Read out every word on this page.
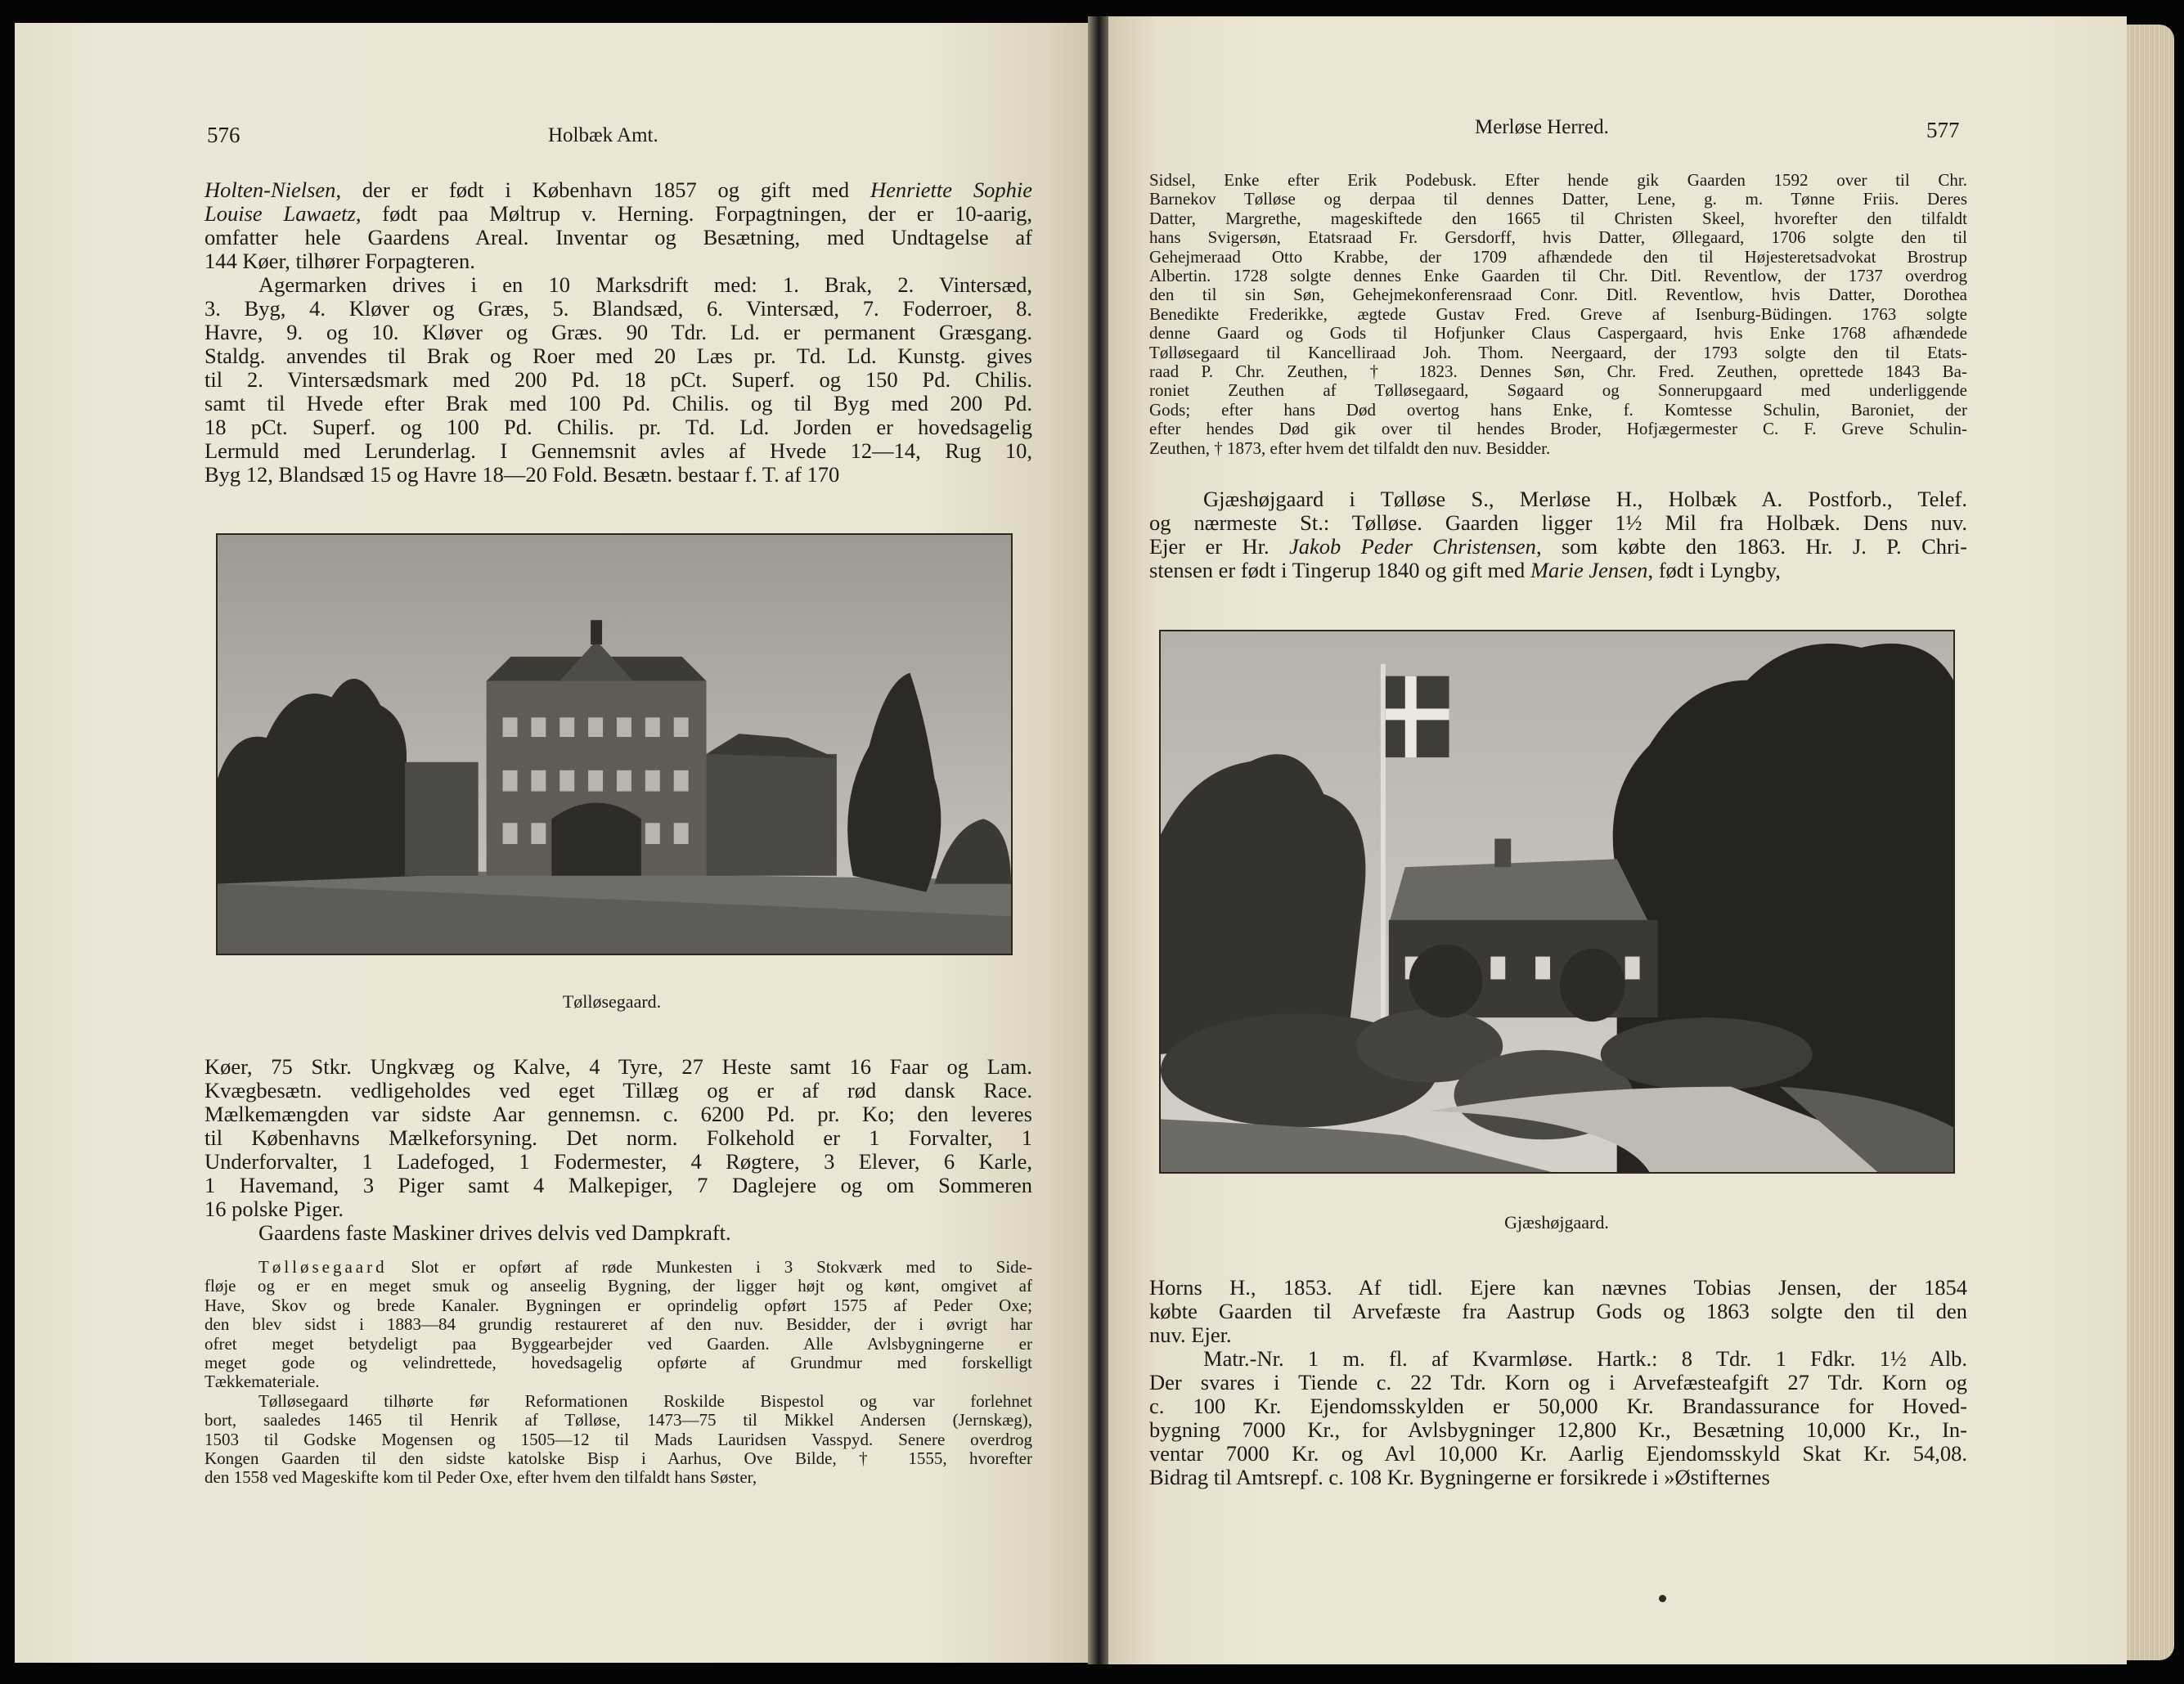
576	Holbæk Amt.
Holten-Nielsen, der er født i København 1857 og gift med Henriette Sophie
Louise Lawaetz, født paa Møltrup v. Herning. Forpagtningen, der er 10-aarig,
omfatter hele Gaardens Areal. Inventar og Besætning, med Undtagelse af
144 Køer, tilhører Forpagteren.
Agermarken drives i en 10 Marksdrift med: 1. Brak, 2. Vintersæd,
3. Byg, 4. Kløver og Græs, 5. Blandsæd, 6. Vintersæd, 7. Foderroer, 8.
Havre, 9. og 10. Kløver og Græs. 90 Tdr. Ld. er permanent Græsgang.
Staldg. anvendes til Brak og Roer med 20 Læs pr. Td. Ld. Kunstg. gives
til 2. Vintersædsmark med 200 Pd. 18 pCt. Superf. og 150 Pd. Chilis.
samt til Hvede efter Brak med 100 Pd. Chilis. og til Byg med 200 Pd.
18 pCt. Superf. og 100 Pd. Chilis. pr. Td. Ld. Jorden er hovedsagelig
Lermuld med Lerunderlag. I Gennemsnit avles af Hvede 12—14, Rug 10,
Byg 12, Blandsæd 15 og Havre 18—20 Fold. Besætn. bestaar f. T. af 170
Tølløsegaard.
Køer, 75 Stkr. Ungkvæg og Kalve, 4 Tyre, 27 Heste samt 16 Faar og Lam.
Kvægbesætn. vedligeholdes ved eget Tillæg og er af rød dansk Race.
Mælkemængden var sidste Aar gennemsn. c. 6200 Pd. pr. Ko; den leveres
til Københavns Mælkeforsyning. Det norm. Folkehold er 1 Forvalter, 1
Underforvalter, 1 Ladefoged, 1 Fodermester, 4 Røgtere, 3 Elever, 6 Karle,
1 Havemand, 3 Piger samt 4 Malkepiger, 7 Daglejere og om Sommeren
16 polske Piger.
Gaardens faste Maskiner drives delvis ved Dampkraft.
Tølløsegaard Slot er opført af røde Munkesten i 3 Stokværk med to Side-
fløje og er en meget smuk og anseelig Bygning, der ligger højt og kønt, omgivet af
Have, Skov og brede Kanaler. Bygningen er oprindelig opført 1575 af Peder Oxe;
den blev sidst i 1883—84 grundig restaureret af den nuv. Besidder, der i øvrigt har
ofret meget betydeligt paa Byggearbejder ved Gaarden. Alle Avlsbygningerne er
meget gode og velindrettede, hovedsagelig opførte af Grundmur med forskelligt
Tækkemateriale.
Tølløsegaard tilhørte før Reformationen Roskilde Bispestol og var forlehnet
bort, saaledes 1465 til Henrik af Tølløse, 1473—75 til Mikkel Andersen (Jernskæg),
1503 til Godske Mogensen og 1505—12 til Mads Lauridsen Vasspyd. Senere overdrog
Kongen Gaarden til den sidste katolske Bisp i Aarhus, Ove Bilde, † 1555, hvorefter
den 1558 ved Mageskifte kom til Peder Oxe, efter hvem den tilfaldt hans Søster,
Merløse Herred.	577
Sidsel, Enke efter Erik Podebusk. Efter hende gik Gaarden 1592 over til Chr.
Barnekov Tølløse og derpaa til dennes Datter, Lene, g. m. Tønne Friis. Deres
Datter, Margrethe, mageskiftede den 1665 til Christen Skeel, hvorefter den tilfaldt
hans Svigersøn, Etatsraad Fr. Gersdorff, hvis Datter, Øllegaard, 1706 solgte den til
Gehejmeraad Otto Krabbe, der 1709 afhændede den til Højesteretsadvokat Brostrup
Albertin. 1728 solgte dennes Enke Gaarden til Chr. Ditl. Reventlow, der 1737 overdrog
den til sin Søn, Gehejmekonferensraad Conr. Ditl. Reventlow, hvis Datter, Dorothea
Benedikte Frederikke, ægtede Gustav Fred. Greve af Isenburg-Büdingen. 1763 solgte
denne Gaard og Gods til Hofjunker Claus Caspergaard, hvis Enke 1768 afhændede
Tølløsegaard til Kancelliraad Joh. Thom. Neergaard, der 1793 solgte den til Etats-
raad P. Chr. Zeuthen, † 1823. Dennes Søn, Chr. Fred. Zeuthen, oprettede 1843 Ba-
roniet Zeuthen af Tølløsegaard, Søgaard og Sonnerupgaard med underliggende
Gods; efter hans Død overtog hans Enke, f. Komtesse Schulin, Baroniet, der
efter hendes Død gik over til hendes Broder, Hofjægermester C. F. Greve Schulin-
Zeuthen, † 1873, efter hvem det tilfaldt den nuv. Besidder.
Gjæshøjgaard i Tølløse S., Merløse H., Holbæk A. Postforb., Telef.
og nærmeste St.: Tølløse. Gaarden ligger 1½ Mil fra Holbæk. Dens nuv.
Ejer er Hr. Jakob Peder Christensen, som købte den 1863. Hr. J. P. Chri-
stensen er født i Tingerup 1840 og gift med Marie Jensen, født i Lyngby,
Gjæshøjgaard.
Horns H., 1853. Af tidl. Ejere kan nævnes Tobias Jensen, der 1854
købte Gaarden til Arvefæste fra Aastrup Gods og 1863 solgte den til den
nuv. Ejer.
Matr.-Nr. 1 m. fl. af Kvarmløse. Hartk.: 8 Tdr. 1 Fdkr. 1½ Alb.
Der svares i Tiende c. 22 Tdr. Korn og i Arvefæsteafgift 27 Tdr. Korn og
c. 100 Kr. Ejendomsskylden er 50,000 Kr. Brandassurance for Hoved-
bygning 7000 Kr., for Avlsbygninger 12,800 Kr., Besætning 10,000 Kr., In-
ventar 7000 Kr. og Avl 10,000 Kr. Aarlig Ejendomsskyld Skat Kr. 54,08.
Bidrag til Amtsrepf. c. 108 Kr. Bygningerne er forsikrede i »Østifternes
